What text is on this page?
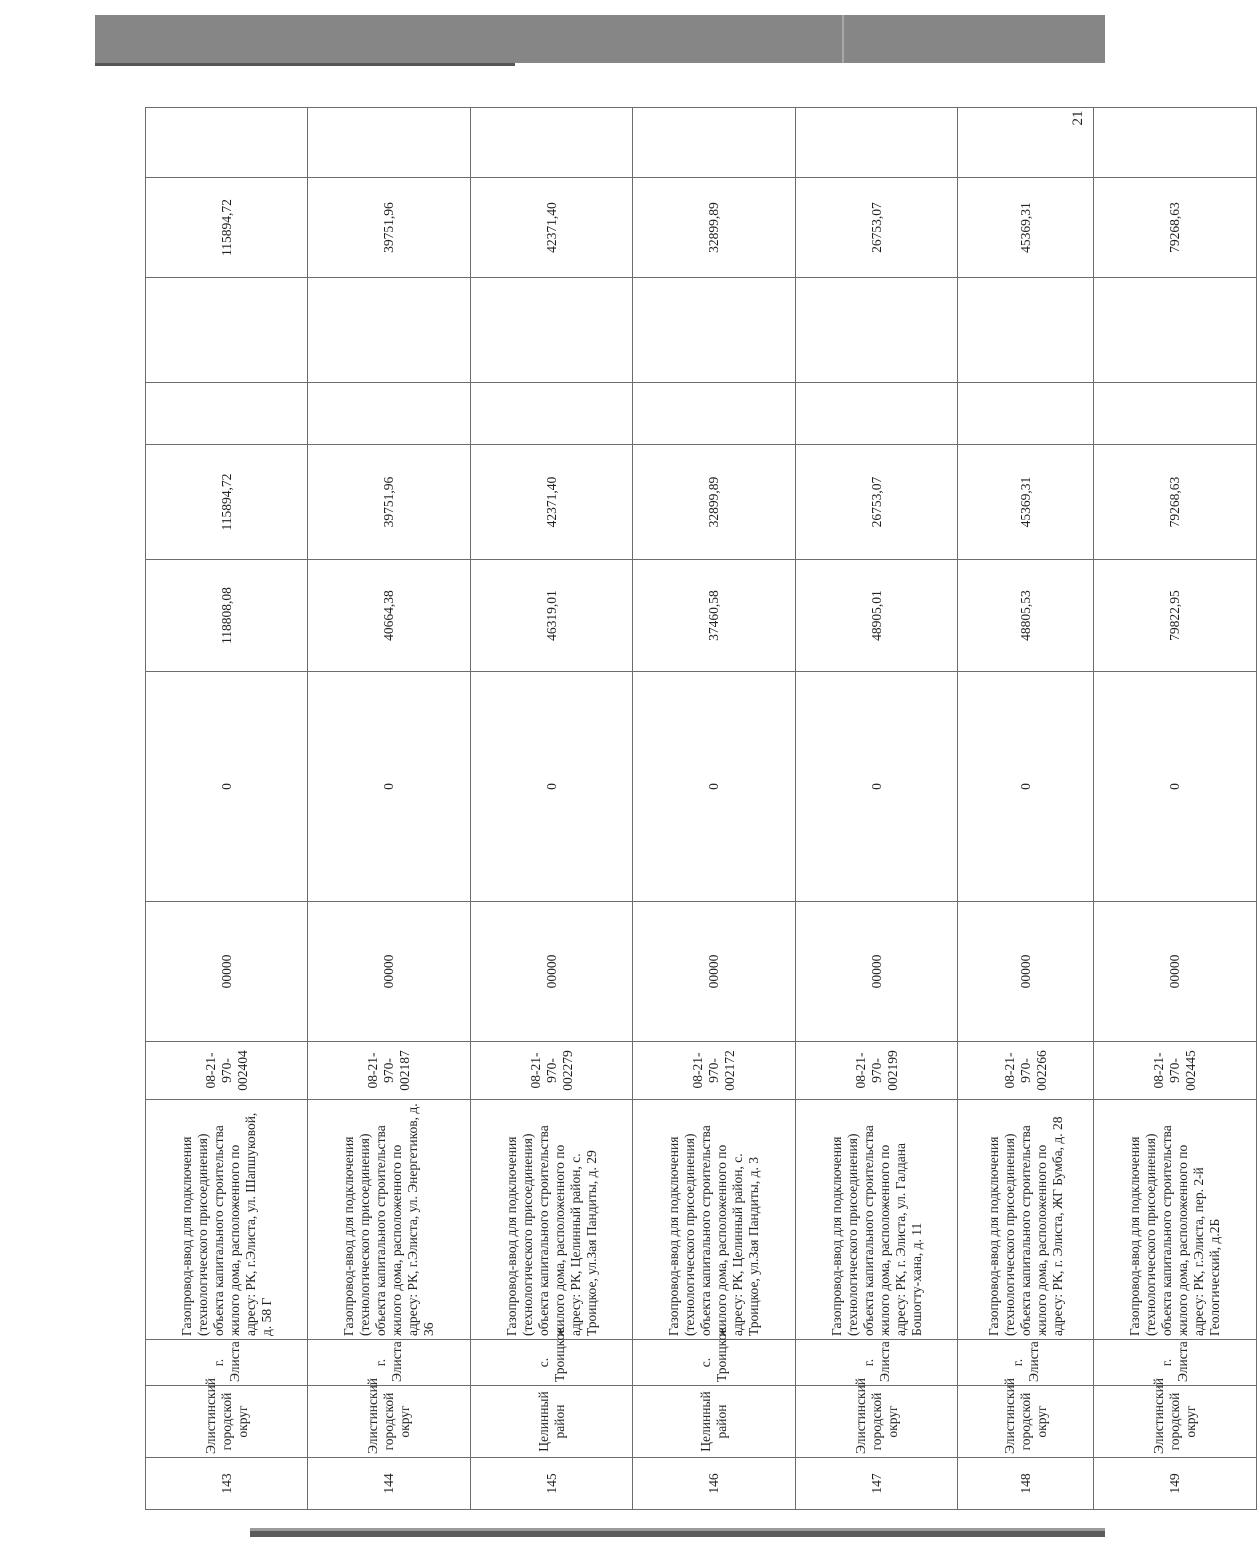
21
143	Элистинский городской округ	г. Элиста	Газопровод-ввод для подключения (технологического присоединения) объекта капитального строительства жилого дома, расположенного по адресу: РК, г.Элиста, ул. Шапшуковой, д. 58 Г	08-21-970-002404	00000	0	118808,08	115894,72			115894,72	
144	Элистинский городской округ	г. Элиста	Газопровод-ввод для подключения (технологического присоединения) объекта капитального строительства жилого дома, расположенного по адресу: РК, г.Элиста, ул. Энергетиков, д. 36	08-21-970-002187	00000	0	40664,38	39751,96			39751,96	
145	Целинный район	с. Троицкое	Газопровод-ввод для подключения (технологического присоединения) объекта капитального строительства жилого дома, расположенного по адресу: РК, Целинный район, с. Троицкое, ул.Зая Пандиты, д. 29	08-21-970-002279	00000	0	46319,01	42371,40			42371,40	
146	Целинный район	с. Троицкое	Газопровод-ввод для подключения (технологического присоединения) объекта капитального строительства жилого дома, расположенного по адресу: РК, Целинный район, с. Троицкое, ул.Зая Пандиты, д. 3	08-21-970-002172	00000	0	37460,58	32899,89			32899,89	
147	Элистинский городской округ	г. Элиста	Газопровод-ввод для подключения (технологического присоединения) объекта капитального строительства жилого дома, расположенного по адресу: РК, г. Элиста, ул. Галдана Бошогту-хана, д. 11	08-21-970-002199	00000	0	48905,01	26753,07			26753,07	
148	Элистинский городской округ	г. Элиста	Газопровод-ввод для подключения (технологического присоединения) объекта капитального строительства жилого дома, расположенного по адресу: РК, г. Элиста, ЖГ Бумба, д. 28	08-21-970-002266	00000	0	48805,53	45369,31			45369,31	
149	Элистинский городской округ	г. Элиста	Газопровод-ввод для подключения (технологического присоединения) объекта капитального строительства жилого дома, расположенного по адресу: РК, г.Элиста, пер. 2-й Геологический, д.2Б	08-21-970-002445	00000	0	79822,95	79268,63			79268,63	
